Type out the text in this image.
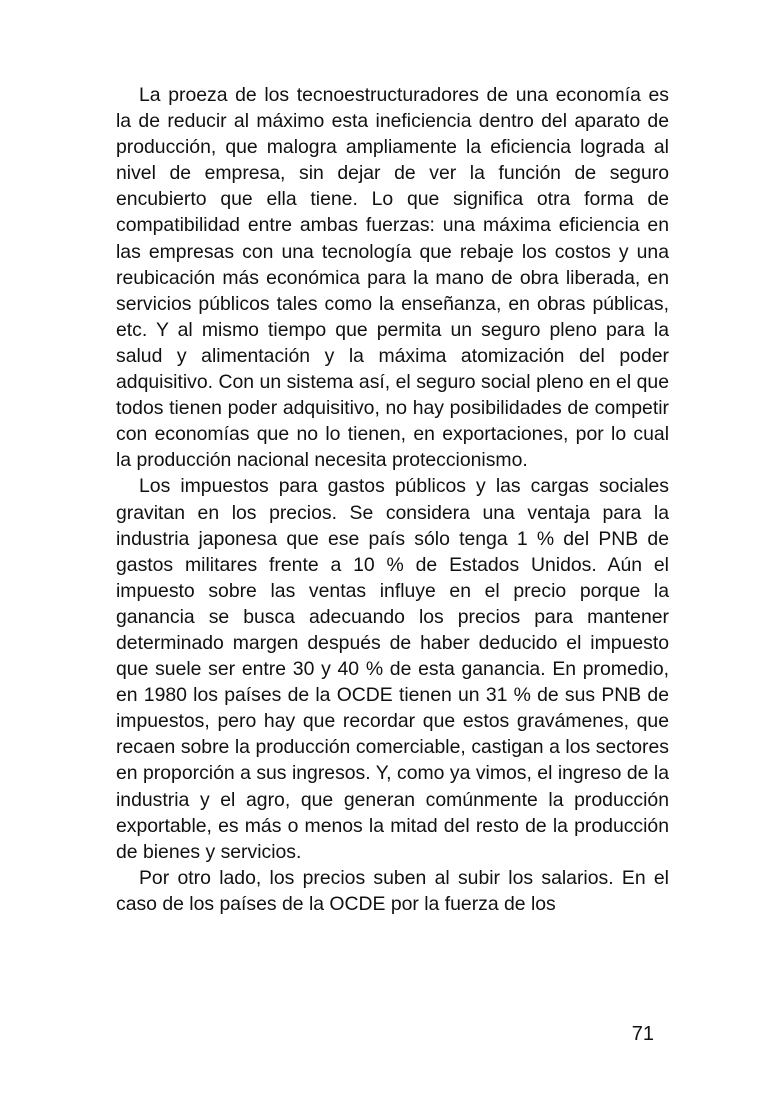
La proeza de los tecnoestructuradores de una economía es la de reducir al máximo esta ineficiencia dentro del aparato de producción, que malogra ampliamente la eficiencia lograda al nivel de empresa, sin dejar de ver la función de seguro encubierto que ella tiene. Lo que significa otra forma de compatibilidad entre ambas fuerzas: una máxima eficiencia en las empresas con una tecnología que rebaje los costos y una reubicación más económica para la mano de obra liberada, en servicios públicos tales como la enseñanza, en obras públicas, etc. Y al mismo tiempo que permita un seguro pleno para la salud y alimentación y la máxima atomización del poder adquisitivo. Con un sistema así, el seguro social pleno en el que todos tienen poder adquisitivo, no hay posibilidades de competir con economías que no lo tienen, en exportaciones, por lo cual la producción nacional necesita proteccionismo.

Los impuestos para gastos públicos y las cargas sociales gravitan en los precios. Se considera una ventaja para la industria japonesa que ese país sólo tenga 1 % del PNB de gastos militares frente a 10 % de Estados Unidos. Aún el impuesto sobre las ventas influye en el precio porque la ganancia se busca adecuando los precios para mantener determinado margen después de haber deducido el impuesto que suele ser entre 30 y 40 % de esta ganancia. En promedio, en 1980 los países de la OCDE tienen un 31 % de sus PNB de impuestos, pero hay que recordar que estos gravámenes, que recaen sobre la producción comerciable, castigan a los sectores en proporción a sus ingresos. Y, como ya vimos, el ingreso de la industria y el agro, que generan comúnmente la producción exportable, es más o menos la mitad del resto de la producción de bienes y servicios.

Por otro lado, los precios suben al subir los salarios. En el caso de los países de la OCDE por la fuerza de los

71
